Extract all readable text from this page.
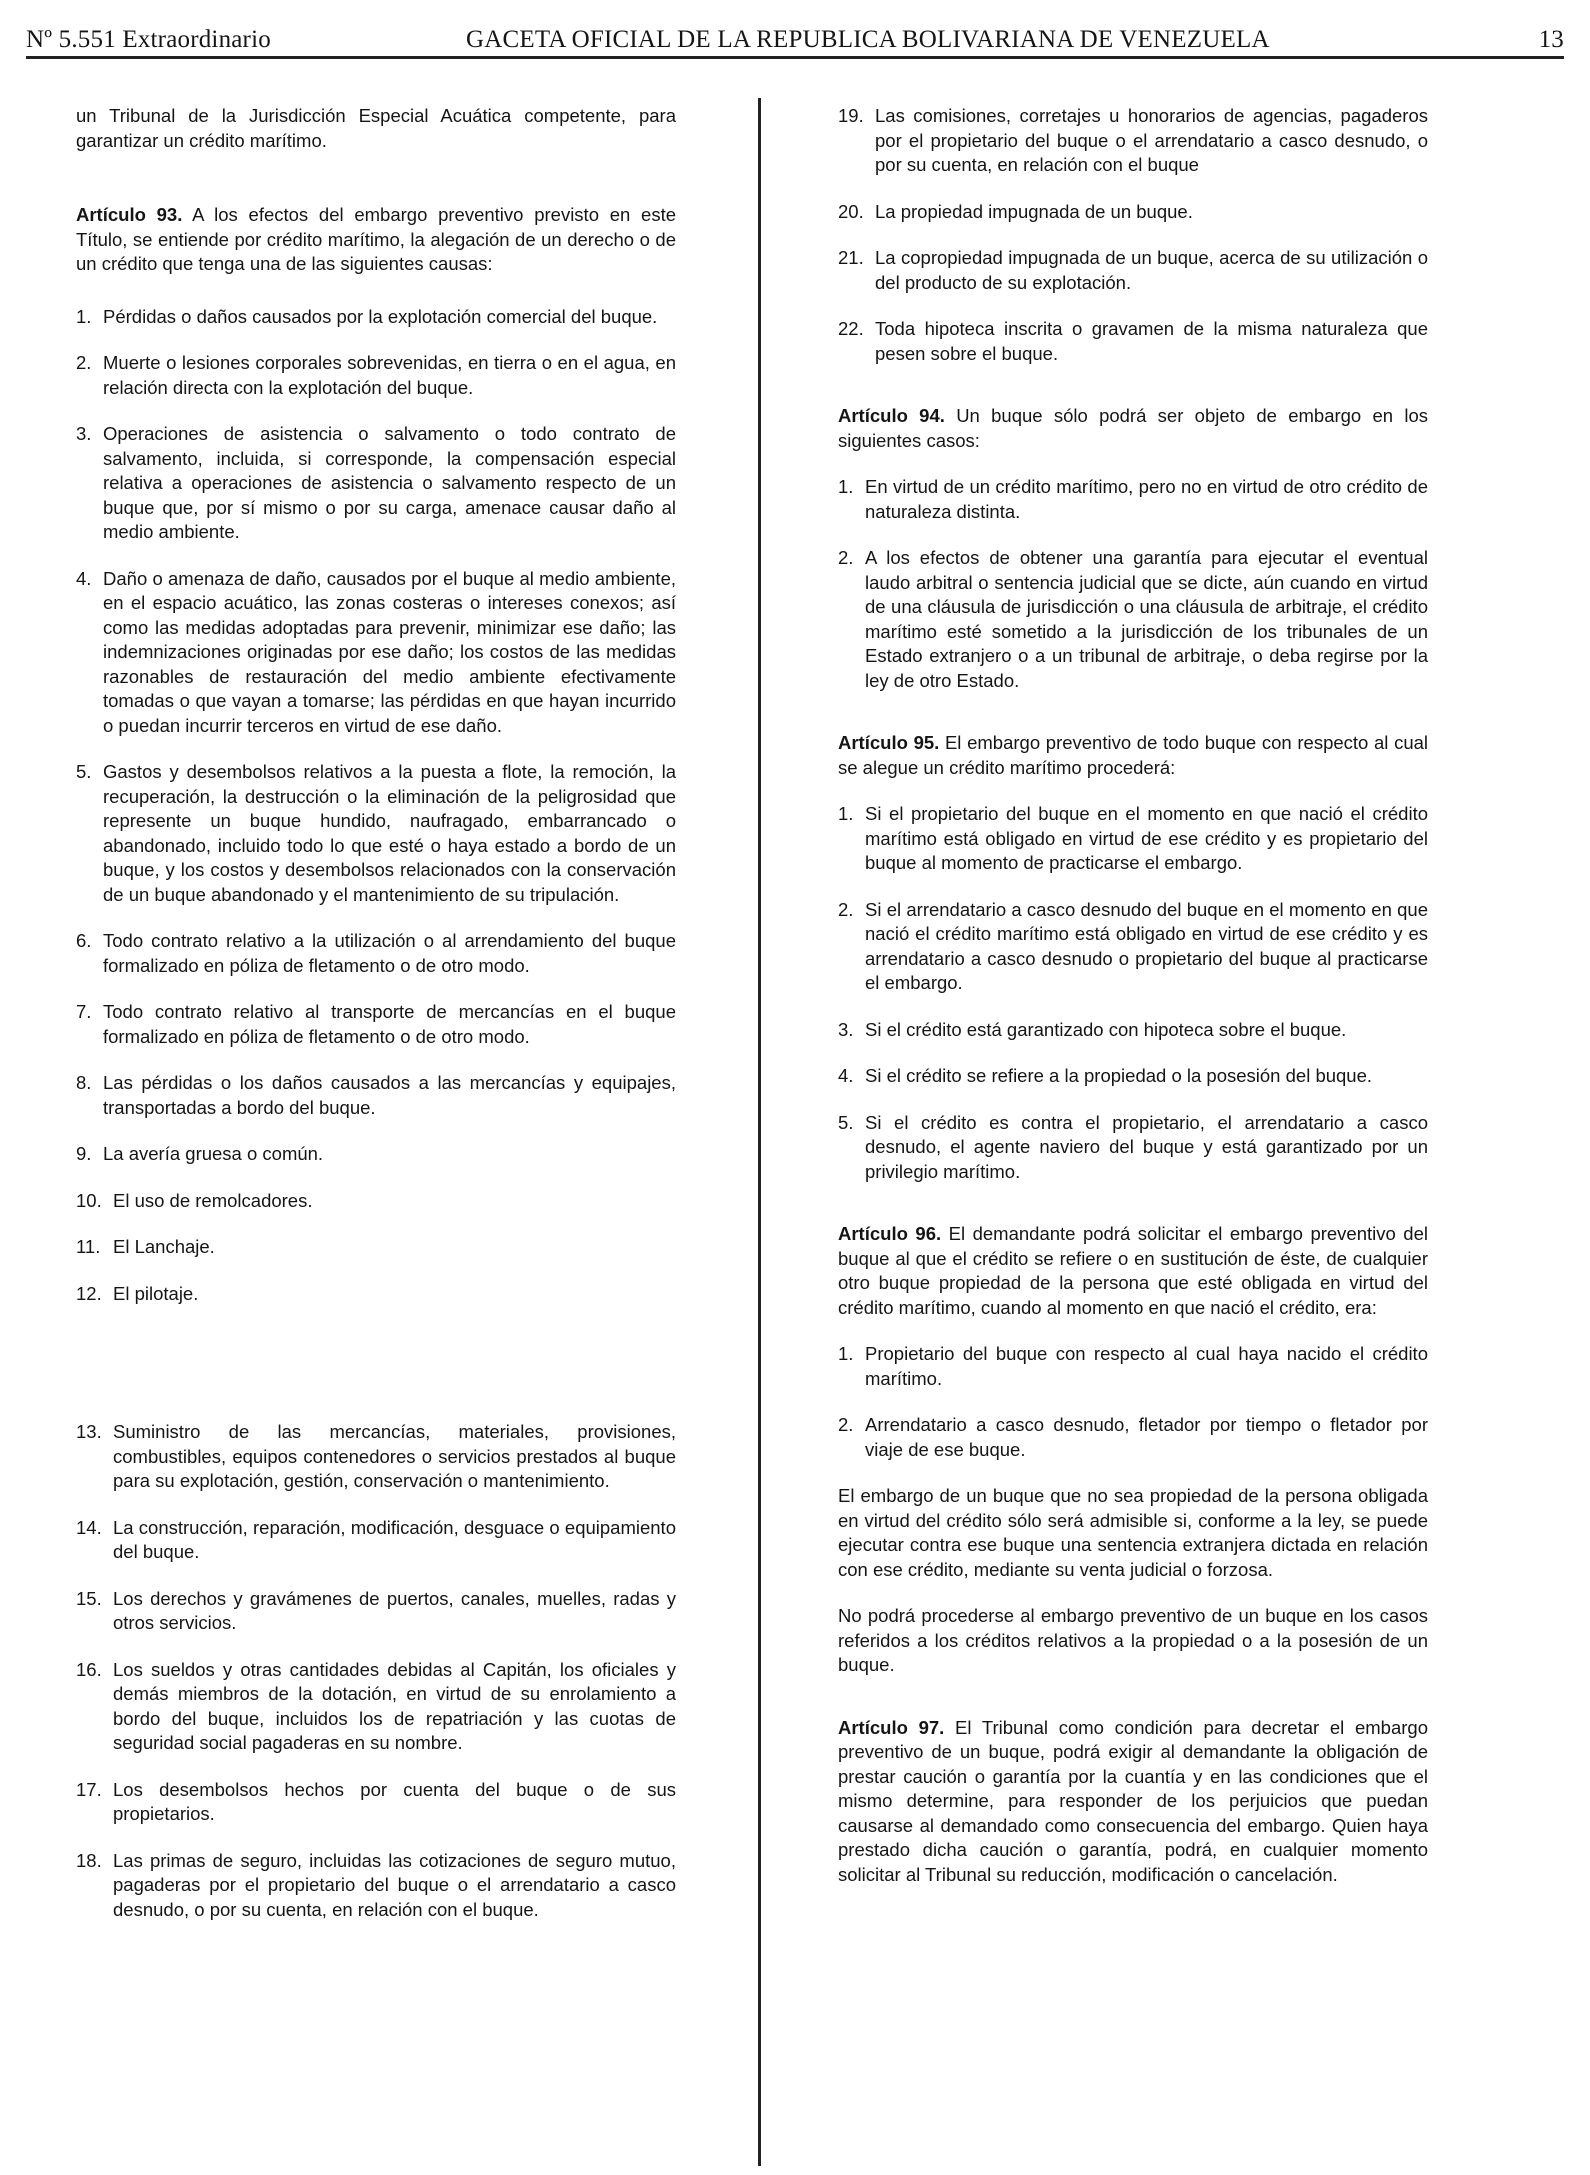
Nº 5.551 Extraordinario	GACETA OFICIAL DE LA REPUBLICA BOLIVARIANA DE VENEZUELA	13

un Tribunal de la Jurisdicción Especial Acuática competente, para garantizar un crédito marítimo.

Artículo 93. A los efectos del embargo preventivo previsto en este Título, se entiende por crédito marítimo, la alegación de un derecho o de un crédito que tenga una de las siguientes causas:

1. Pérdidas o daños causados por la explotación comercial del buque.
2. Muerte o lesiones corporales sobrevenidas, en tierra o en el agua, en relación directa con la explotación del buque.
3. Operaciones de asistencia o salvamento o todo contrato de salvamento, incluida, si corresponde, la compensación especial relativa a operaciones de asistencia o salvamento respecto de un buque que, por sí mismo o por su carga, amenace causar daño al medio ambiente.
4. Daño o amenaza de daño, causados por el buque al medio ambiente, en el espacio acuático, las zonas costeras o intereses conexos; así como las medidas adoptadas para prevenir, minimizar ese daño; las indemnizaciones originadas por ese daño; los costos de las medidas razonables de restauración del medio ambiente efectivamente tomadas o que vayan a tomarse; las pérdidas en que hayan incurrido o puedan incurrir terceros en virtud de ese daño.
5. Gastos y desembolsos relativos a la puesta a flote, la remoción, la recuperación, la destrucción o la eliminación de la peligrosidad que represente un buque hundido, naufragado, embarrancado o abandonado, incluido todo lo que esté o haya estado a bordo de un buque, y los costos y desembolsos relacionados con la conservación de un buque abandonado y el mantenimiento de su tripulación.
6. Todo contrato relativo a la utilización o al arrendamiento del buque formalizado en póliza de fletamento o de otro modo.
7. Todo contrato relativo al transporte de mercancías en el buque formalizado en póliza de fletamento o de otro modo.
8. Las pérdidas o los daños causados a las mercancías y equipajes, transportadas a bordo del buque.
9. La avería gruesa o común.
10. El uso de remolcadores.
11. El Lanchaje.
12. El pilotaje.
13. Suministro de las mercancías, materiales, provisiones, combustibles, equipos contenedores o servicios prestados al buque para su explotación, gestión, conservación o mantenimiento.
14. La construcción, reparación, modificación, desguace o equipamiento del buque.
15. Los derechos y gravámenes de puertos, canales, muelles, radas y otros servicios.
16. Los sueldos y otras cantidades debidas al Capitán, los oficiales y demás miembros de la dotación, en virtud de su enrolamiento a bordo del buque, incluidos los de repatriación y las cuotas de seguridad social pagaderas en su nombre.
17. Los desembolsos hechos por cuenta del buque o de sus propietarios.
18. Las primas de seguro, incluidas las cotizaciones de seguro mutuo, pagaderas por el propietario del buque o el arrendatario a casco desnudo, o por su cuenta, en relación con el buque.
19. Las comisiones, corretajes u honorarios de agencias, pagaderos por el propietario del buque o el arrendatario a casco desnudo, o por su cuenta, en relación con el buque
20. La propiedad impugnada de un buque.
21. La copropiedad impugnada de un buque, acerca de su utilización o del producto de su explotación.
22. Toda hipoteca inscrita o gravamen de la misma naturaleza que pesen sobre el buque.

Artículo 94. Un buque sólo podrá ser objeto de embargo en los siguientes casos:

1. En virtud de un crédito marítimo, pero no en virtud de otro crédito de naturaleza distinta.
2. A los efectos de obtener una garantía para ejecutar el eventual laudo arbitral o sentencia judicial que se dicte, aún cuando en virtud de una cláusula de jurisdicción o una cláusula de arbitraje, el crédito marítimo esté sometido a la jurisdicción de los tribunales de un Estado extranjero o a un tribunal de arbitraje, o deba regirse por la ley de otro Estado.

Artículo 95. El embargo preventivo de todo buque con respecto al cual se alegue un crédito marítimo procederá:

1. Si el propietario del buque en el momento en que nació el crédito marítimo está obligado en virtud de ese crédito y es propietario del buque al momento de practicarse el embargo.
2. Si el arrendatario a casco desnudo del buque en el momento en que nació el crédito marítimo está obligado en virtud de ese crédito y es arrendatario a casco desnudo o propietario del buque al practicarse el embargo.
3. Si el crédito está garantizado con hipoteca sobre el buque.
4. Si el crédito se refiere a la propiedad o la posesión del buque.
5. Si el crédito es contra el propietario, el arrendatario a casco desnudo, el agente naviero del buque y está garantizado por un privilegio marítimo.

Artículo 96. El demandante podrá solicitar el embargo preventivo del buque al que el crédito se refiere o en sustitución de éste, de cualquier otro buque propiedad de la persona que esté obligada en virtud del crédito marítimo, cuando al momento en que nació el crédito, era:

1. Propietario del buque con respecto al cual haya nacido el crédito marítimo.
2. Arrendatario a casco desnudo, fletador por tiempo o fletador por viaje de ese buque.

El embargo de un buque que no sea propiedad de la persona obligada en virtud del crédito sólo será admisible si, conforme a la ley, se puede ejecutar contra ese buque una sentencia extranjera dictada en relación con ese crédito, mediante su venta judicial o forzosa.

No podrá procederse al embargo preventivo de un buque en los casos referidos a los créditos relativos a la propiedad o a la posesión de un buque.

Artículo 97. El Tribunal como condición para decretar el embargo preventivo de un buque, podrá exigir al demandante la obligación de prestar caución o garantía por la cuantía y en las condiciones que el mismo determine, para responder de los perjuicios que puedan causarse al demandado como consecuencia del embargo. Quien haya prestado dicha caución o garantía, podrá, en cualquier momento solicitar al Tribunal su reducción, modificación o cancelación.
